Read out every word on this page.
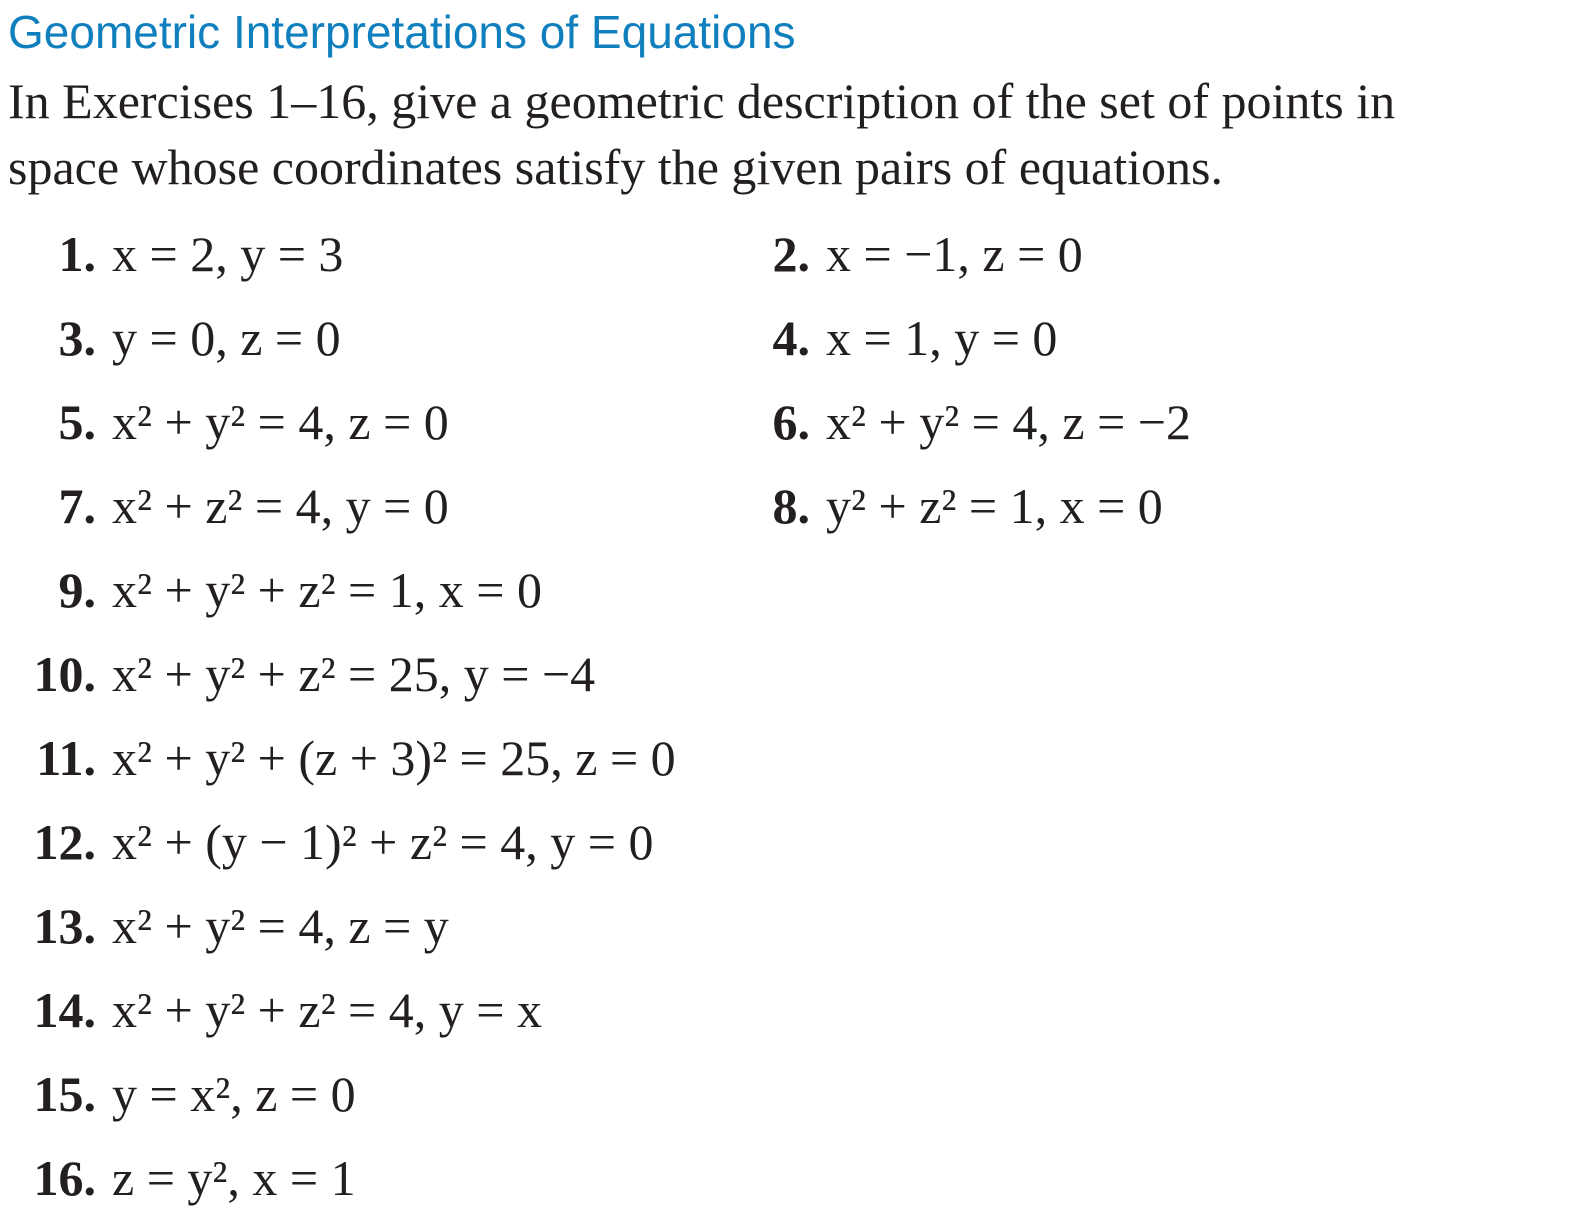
Geometric Interpretations of Equations
In Exercises 1–16, give a geometric description of the set of points in
space whose coordinates satisfy the given pairs of equations.
1. x = 2, y = 3
3. y = 0, z = 0
5. x² + y² = 4, z = 0
7. x² + z² = 4, y = 0
2. x = −1, z = 0
4. x = 1, y = 0
6. x² + y² = 4, z = −2
8. y² + z² = 1, x = 0
9. x² + y² + z² = 1, x = 0
10. x² + y² + z² = 25, y = −4
11. x² + y² + (z + 3)² = 25, z = 0
12. x² + (y − 1)² + z² = 4, y = 0
13. x² + y² = 4, z = y
14. x² + y² + z² = 4, y = x
15. y = x², z = 0
16. z = y², x = 1
